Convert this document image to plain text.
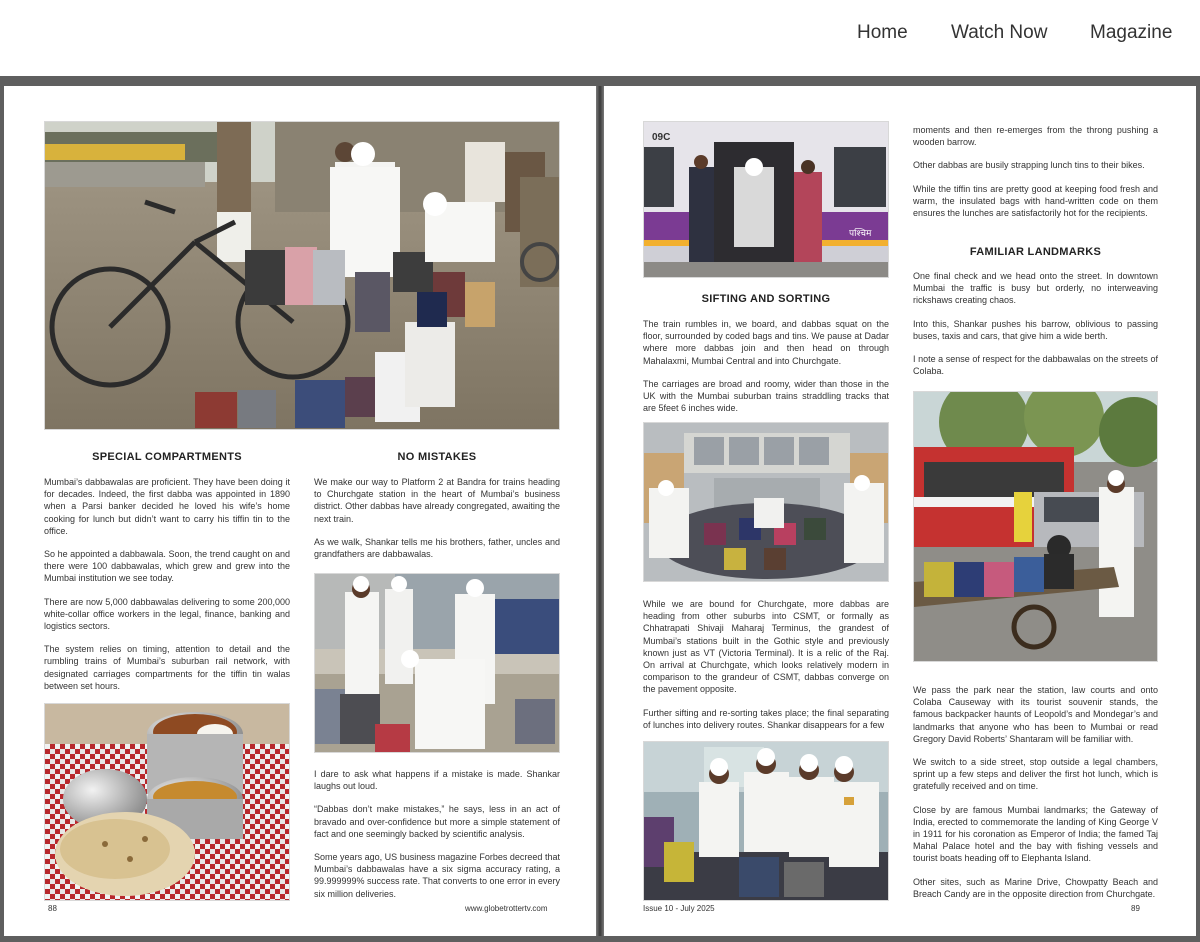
Home Watch Now Magazine
SPECIAL COMPARTMENTS	NO MISTAKES

Mumbai’s dabbawalas are proficient. They have been doing it for decades. Indeed, the first dabba was appointed in 1890 when a Parsi banker decided he loved his wife’s home cooking for lunch but didn’t want to carry his tiffin tin to the office.

So he appointed a dabbawala. Soon, the trend caught on and there were 100 dabbawalas, which grew and grew into the Mumbai institution we see today.

There are now 5,000 dabbawalas delivering to some 200,000 white-collar office workers in the legal, finance, banking and logistics sectors.

The system relies on timing, attention to detail and the rumbling trains of Mumbai’s suburban rail network, with designated carriages compartments for the tiffin tin walas between set hours.

We make our way to Platform 2 at Bandra for trains heading to Churchgate station in the heart of Mumbai’s business district. Other dabbas have already congregated, awaiting the next train.

As we walk, Shankar tells me his brothers, father, uncles and grandfathers are dabbawalas.

I dare to ask what happens if a mistake is made. Shankar laughs out loud.

“Dabbas don’t make mistakes,” he says, less in an act of bravado and over-confidence but more a simple statement of fact and one seemingly backed by scientific analysis.

Some years ago, US business magazine Forbes decreed that Mumbai’s dabbawalas have a six sigma accuracy rating, a 99.999999% success rate. That converts to one error in every six million deliveries.

88	www.globetrottertv.com
09C
पश्चिम
SIFTING AND SORTING

The train rumbles in, we board, and dabbas squat on the floor, surrounded by coded bags and tins. We pause at Dadar where more dabbas join and then head on through Mahalaxmi, Mumbai Central and into Churchgate.

The carriages are broad and roomy, wider than those in the UK with the Mumbai suburban trains straddling tracks that are 5feet 6 inches wide.

While we are bound for Churchgate, more dabbas are heading from other suburbs into CSMT, or formally as Chhatrapati Shivaji Maharaj Terminus, the grandest of Mumbai’s stations built in the Gothic style and previously known just as VT (Victoria Terminal). It is a relic of the Raj. On arrival at Churchgate, which looks relatively modern in comparison to the grandeur of CSMT, dabbas converge on the pavement opposite.

Further sifting and re-sorting takes place; the final separating of lunches into delivery routes. Shankar disappears for a few

moments and then re-emerges from the throng pushing a wooden barrow.

Other dabbas are busily strapping lunch tins to their bikes.

While the tiffin tins are pretty good at keeping food fresh and warm, the insulated bags with hand-written code on them ensures the lunches are satisfactorily hot for the recipients.

FAMILIAR LANDMARKS

One final check and we head onto the street. In downtown Mumbai the traffic is busy but orderly, no interweaving rickshaws creating chaos.

Into this, Shankar pushes his barrow, oblivious to passing buses, taxis and cars, that give him a wide berth.

I note a sense of respect for the dabbawalas on the streets of Colaba.

We pass the park near the station, law courts and onto Colaba Causeway with its tourist souvenir stands, the famous backpacker haunts of Leopold’s and Mondegar’s and landmarks that anyone who has been to Mumbai or read Gregory David Roberts’ Shantaram will be familiar with.

We switch to a side street, stop outside a legal chambers, sprint up a few steps and deliver the first hot lunch, which is gratefully received and on time.

Close by are famous Mumbai landmarks; the Gateway of India, erected to commemorate the landing of King George V in 1911 for his coronation as Emperor of India; the famed Taj Mahal Palace hotel and the bay with fishing vessels and tourist boats heading off to Elephanta Island.

Other sites, such as Marine Drive, Chowpatty Beach and Breach Candy are in the opposite direction from Churchgate.

Issue 10 - July 2025	89
